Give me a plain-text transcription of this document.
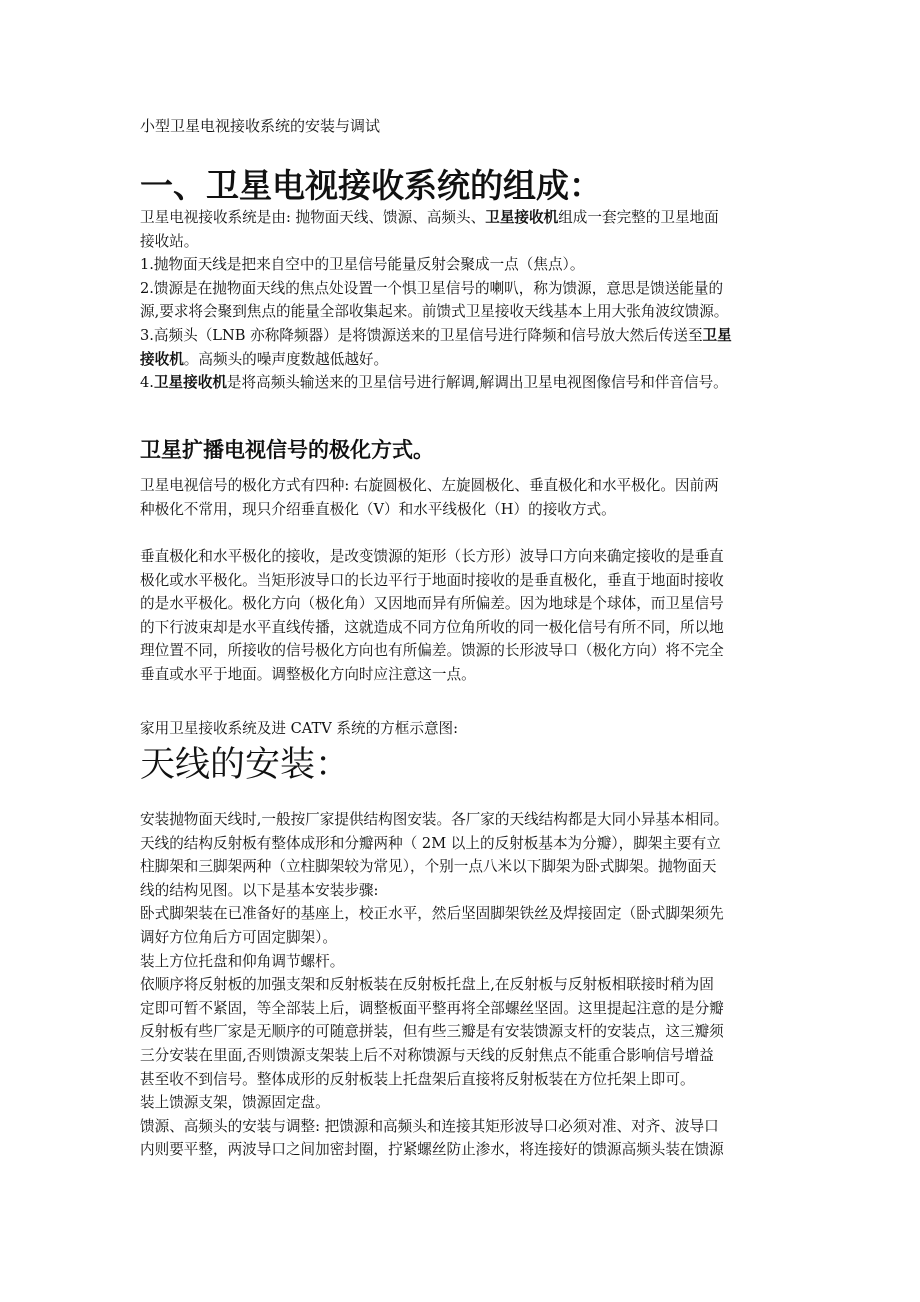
小型卫星电视接收系统的安装与调试
一、卫星电视接收系统的组成：
卫星电视接收系统是由: 抛物面天线、馈源、高频头、卫星接收机组成一套完整的卫星地面
接收站。
1.抛物面天线是把来自空中的卫星信号能量反射会聚成一点（焦点）。
2.馈源是在抛物面天线的焦点处设置一个惧卫星信号的喇叭，称为馈源，意思是馈送能量的
源,要求将会聚到焦点的能量全部收集起来。前馈式卫星接收天线基本上用大张角波纹馈源。
3.高频头（LNB 亦称降频器）是将馈源送来的卫星信号进行降频和信号放大然后传送至卫星
接收机。高频头的噪声度数越低越好。
4.卫星接收机是将高频头输送来的卫星信号进行解调,解调出卫星电视图像信号和伴音信号。
卫星扩播电视信号的极化方式。
卫星电视信号的极化方式有四种: 右旋圆极化、左旋圆极化、垂直极化和水平极化。因前两
种极化不常用，现只介绍垂直极化（V）和水平线极化（H）的接收方式。
垂直极化和水平极化的接收，是改变馈源的矩形（长方形）波导口方向来确定接收的是垂直
极化或水平极化。当矩形波导口的长边平行于地面时接收的是垂直极化，垂直于地面时接收
的是水平极化。极化方向（极化角）又因地而异有所偏差。因为地球是个球体，而卫星信号
的下行波束却是水平直线传播，这就造成不同方位角所收的同一极化信号有所不同，所以地
理位置不同，所接收的信号极化方向也有所偏差。馈源的长形波导口（极化方向）将不完全
垂直或水平于地面。调整极化方向时应注意这一点。
家用卫星接收系统及进 CATV 系统的方框示意图:
天线的安装：
安装抛物面天线时,一般按厂家提供结构图安装。各厂家的天线结构都是大同小异基本相同。
天线的结构反射板有整体成形和分瓣两种（ 2M 以上的反射板基本为分瓣），脚架主要有立
柱脚架和三脚架两种（立柱脚架较为常见），个别一点八米以下脚架为卧式脚架。抛物面天
线的结构见图。以下是基本安装步骤:
卧式脚架装在已准备好的基座上，校正水平，然后坚固脚架铁丝及焊接固定（卧式脚架须先
调好方位角后方可固定脚架）。
装上方位托盘和仰角调节螺杆。
依顺序将反射板的加强支架和反射板装在反射板托盘上,在反射板与反射板相联接时稍为固
定即可暂不紧固，等全部装上后，调整板面平整再将全部螺丝坚固。这里提起注意的是分瓣
反射板有些厂家是无顺序的可随意拼装，但有些三瓣是有安装馈源支杆的安装点，这三瓣须
三分安装在里面,否则馈源支架装上后不对称馈源与天线的反射焦点不能重合影响信号增益
甚至收不到信号。整体成形的反射板装上托盘架后直接将反射板装在方位托架上即可。
装上馈源支架，馈源固定盘。
馈源、高频头的安装与调整: 把馈源和高频头和连接其矩形波导口必须对准、对齐、波导口
内则要平整，两波导口之间加密封圈，拧紧螺丝防止渗水，将连接好的馈源高频头装在馈源
